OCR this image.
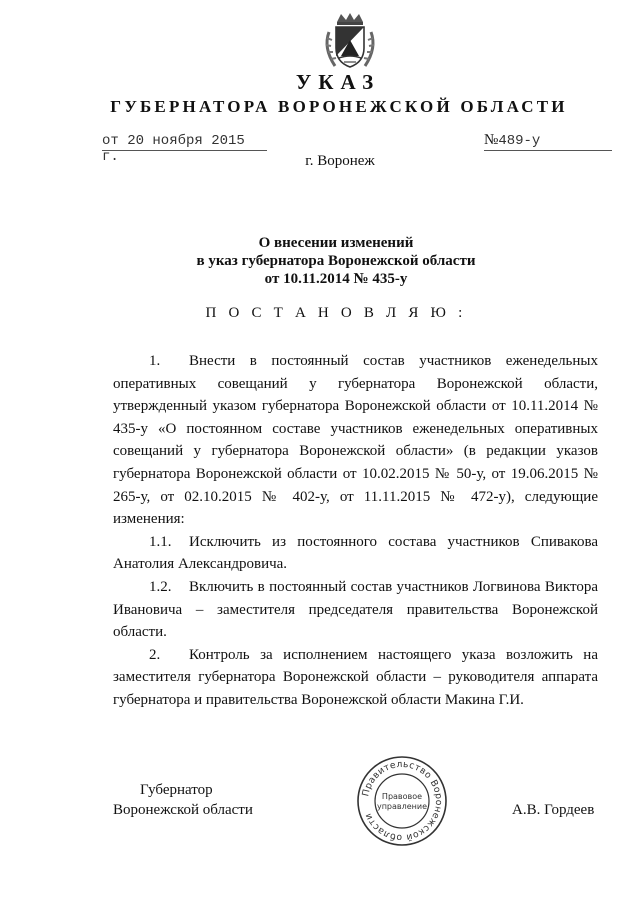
УКАЗ
ГУБЕРНАТОРА ВОРОНЕЖСКОЙ ОБЛАСТИ
от 20 ноября 2015 г.
№489-у
г. Воронеж
О внесении изменений
в указ губернатора Воронежской области
от 10.11.2014 № 435-у
П О С Т А Н О В Л Я Ю :

1. Внести в постоянный состав участников еженедельных оперативных совещаний у губернатора Воронежской области, утвержденный указом губернатора Воронежской области от 10.11.2014 № 435-у «О постоянном составе участников еженедельных оперативных совещаний у губернатора Воронежской области» (в редакции указов губернатора Воронежской области от 10.02.2015 № 50-у, от 19.06.2015 № 265-у, от 02.10.2015 № 402-у, от 11.11.2015 № 472-у), следующие изменения:

1.1. Исключить из постоянного состава участников Спивакова Анатолия Александровича.

1.2. Включить в постоянный состав участников Логвинова Виктора Ивановича – заместителя председателя правительства Воронежской области.

2. Контроль за исполнением настоящего указа возложить на заместителя губернатора Воронежской области – руководителя аппарата губернатора и правительства Воронежской области Макина Г.И.

Губернатор
Воронежской области
Правительство Воронежской области
Правовое
управление	А.В. Гордеев
